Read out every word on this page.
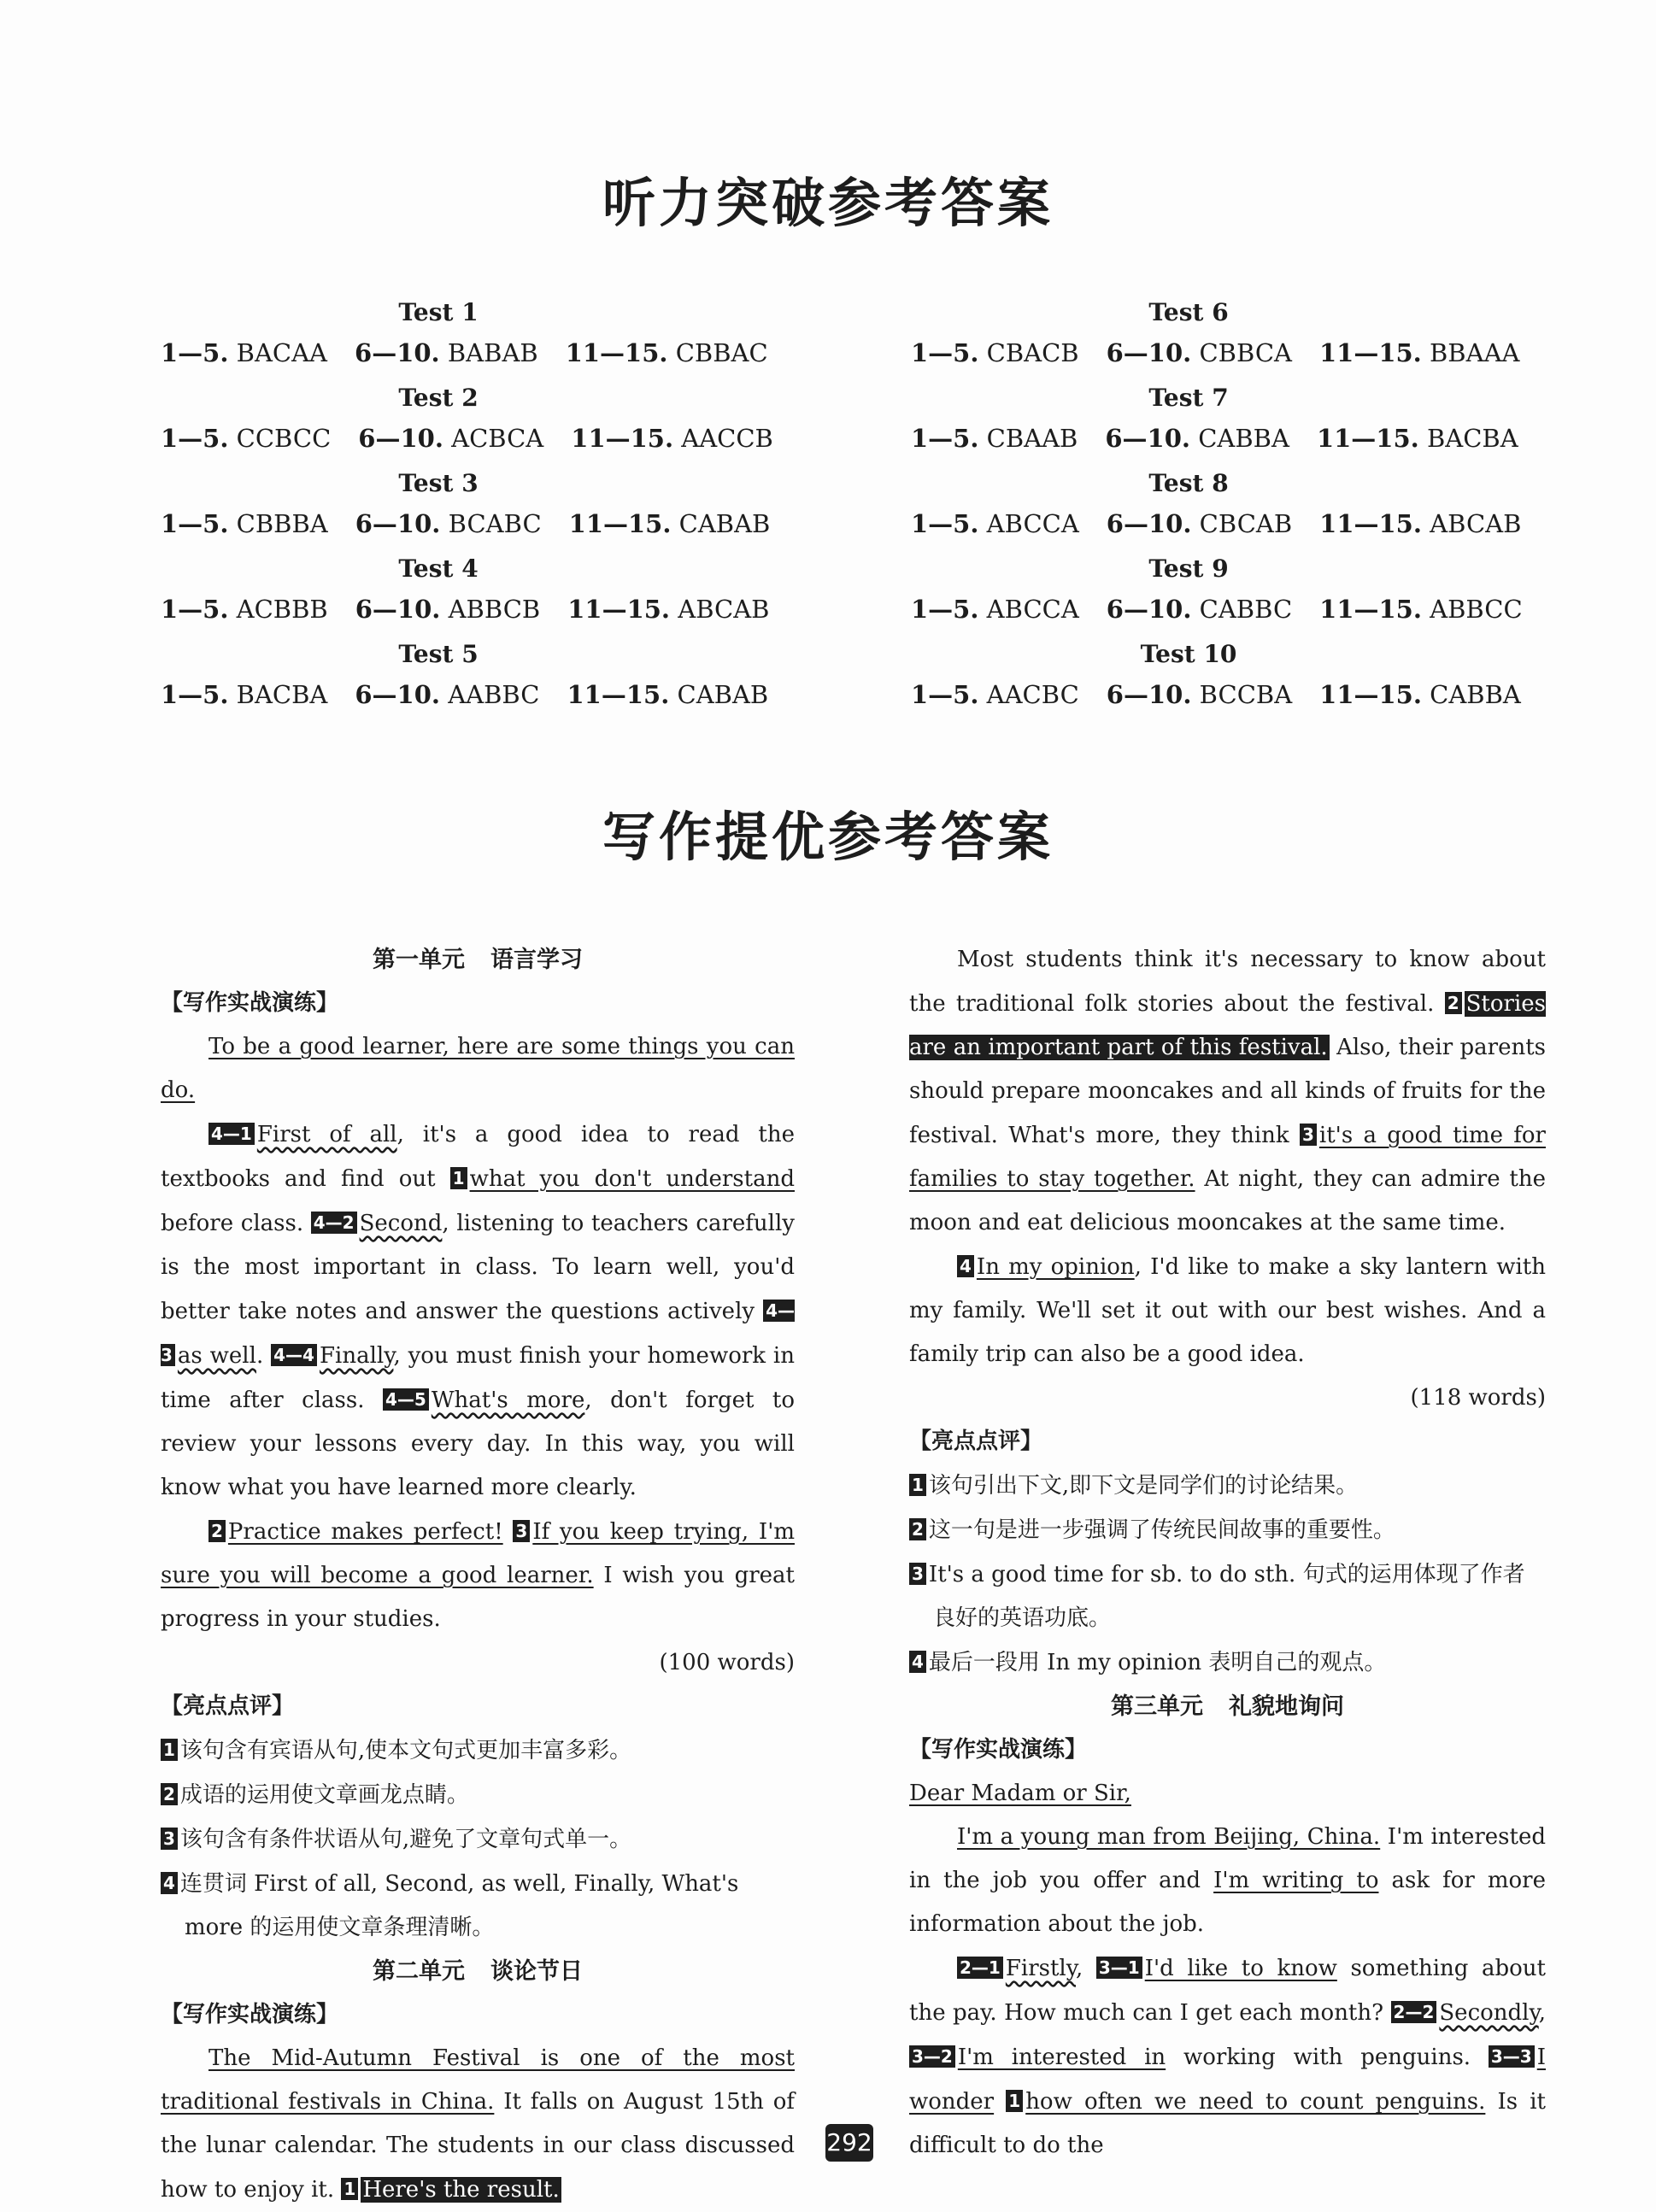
听力突破参考答案
Test 1
1—5. BACAA 6—10. BABAB 11—15. CBBAC
Test 2
1—5. CCBCC 6—10. ACBCA 11—15. AACCB
Test 3
1—5. CBBBA 6—10. BCABC 11—15. CABAB
Test 4
1—5. ACBBB 6—10. ABBCB 11—15. ABCAB
Test 5
1—5. BACBA 6—10. AABBC 11—15. CABAB
Test 6
1—5. CBACB 6—10. CBBCA 11—15. BBAAA
Test 7
1—5. CBAAB 6—10. CABBA 11—15. BACBA
Test 8
1—5. ABCCA 6—10. CBCAB 11—15. ABCAB
Test 9
1—5. ABCCA 6—10. CABBC 11—15. ABBCC
Test 10
1—5. AACBC 6—10. BCCBA 11—15. CABBA
写作提优参考答案
第一单元 语言学习
【写作实战演练】

To be a good learner, here are some things you can do.

4—1 First of all, it's a good idea to read the textbooks and find out 1 what you don't understand before class. 4—2 Second, listening to teachers carefully is the most important in class. To learn well, you'd better take notes and answer the questions actively 4—3 as well. 4—4 Finally, you must finish your homework in time after class. 4—5 What's more, don't forget to review your lessons every day. In this way, you will know what you have learned more clearly.

2 Practice makes perfect! 3 If you keep trying, I'm sure you will become a good learner. I wish you great progress in your studies.

(100 words)
【亮点点评】

1 该句含有宾语从句,使本文句式更加丰富多彩。

2 成语的运用使文章画龙点睛。

3 该句含有条件状语从句,避免了文章句式单一。

4 连贯词 First of all, Second, as well, Finally, What's more 的运用使文章条理清晰。

第二单元 谈论节日
【写作实战演练】

The Mid-Autumn Festival is one of the most traditional festivals in China. It falls on August 15th of the lunar calendar. The students in our class discussed how to enjoy it. 1 Here's the result.

Most students think it's necessary to know about the traditional folk stories about the festival. 2 Stories are an important part of this festival. Also, their parents should prepare mooncakes and all kinds of fruits for the festival. What's more, they think 3 it's a good time for families to stay together. At night, they can admire the moon and eat delicious mooncakes at the same time.

4 In my opinion, I'd like to make a sky lantern with my family. We'll set it out with our best wishes. And a family trip can also be a good idea.

(118 words)
【亮点点评】

1 该句引出下文,即下文是同学们的讨论结果。

2 这一句是进一步强调了传统民间故事的重要性。

3 It's a good time for sb. to do sth. 句式的运用体现了作者良好的英语功底。

4 最后一段用 In my opinion 表明自己的观点。

第三单元 礼貌地询问
【写作实战演练】

Dear Madam or Sir,

I'm a young man from Beijing, China. I'm interested in the job you offer and I'm writing to ask for more information about the job.

2—1 Firstly, 3—1 I'd like to know something about the pay. How much can I get each month? 2—2 Secondly, 3—2 I'm interested in working with penguins. 3—3 I wonder 1 how often we need to count penguins. Is it difficult to do the

292
